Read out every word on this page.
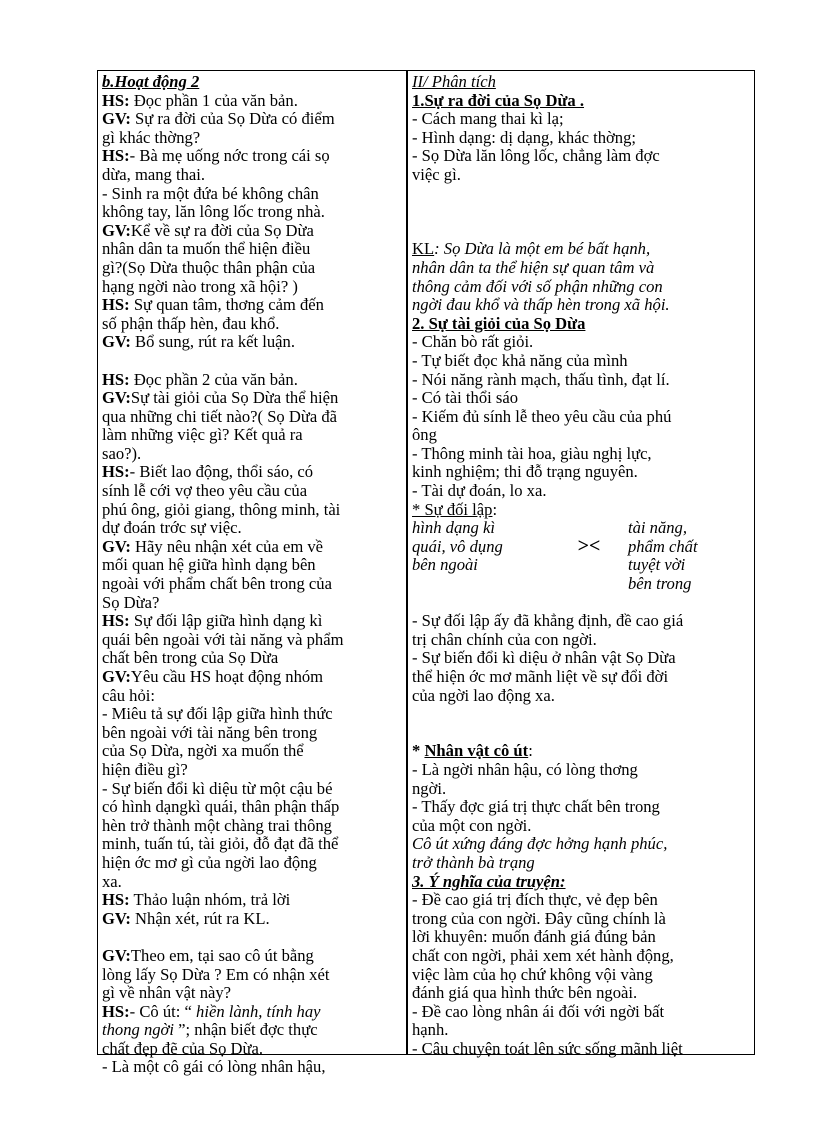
b.Hoạt động 2
HS: Đọc phần 1 của văn bản.
GV: Sự ra đời của Sọ Dừa có điểm
gì khác thờng?
HS:- Bà mẹ uống nớc trong cái sọ
dừa, mang thai.
- Sinh ra một đứa bé không chân
không tay, lăn lông lốc trong nhà.
GV:Kể về sự ra đời của Sọ Dừa
nhân dân ta muốn thể hiện điều
gì?(Sọ Dừa thuộc thân phận của
hạng ngời nào trong xã hội? )
HS: Sự quan tâm, thơng cảm đến
số phận thấp hèn, đau khổ.
GV: Bổ sung, rút ra kết luận.
HS: Đọc phần 2 của văn bản.
GV:Sự tài giỏi của Sọ Dừa thể hiện
qua những chi tiết nào?( Sọ Dừa đã
làm những việc gì? Kết quả ra
sao?).
HS:- Biết lao động, thổi sáo, có
sính lễ cới vợ theo yêu cầu của
phú ông, giỏi giang, thông minh, tài
dự đoán trớc sự việc.
GV: Hãy nêu nhận xét của em về
mối quan hệ giữa hình dạng bên
ngoài với phẩm chất bên trong của
Sọ Dừa?
HS: Sự đối lập giữa hình dạng kì
quái bên ngoài với tài năng và phẩm
chất bên trong của Sọ Dừa
GV:Yêu cầu HS hoạt động nhóm
câu hỏi:
- Miêu tả sự đối lập giữa hình thức
bên ngoài với tài năng bên trong
của Sọ Dừa, ngời xa muốn thể
hiện điều gì?
- Sự biến đổi kì diệu từ một cậu bé
có hình dạngkì quái, thân phận thấp
hèn trở thành một chàng trai thông
minh, tuấn tú, tài giỏi, đỗ đạt đã thể
hiện ớc mơ gì của ngời lao động
xa.
HS: Thảo luận nhóm, trả lời
GV: Nhận xét, rút ra KL.
GV:Theo em, tại sao cô út bằng
lòng lấy Sọ Dừa ? Em có nhận xét
gì về nhân vật này?
HS:- Cô út: “ hiền lành, tính hay
thong ngời ”; nhận biết đợc thực
chất đẹp đẽ của Sọ Dừa.
- Là một cô gái có lòng nhân hậu,
II/ Phân tích
1.Sự ra đời của Sọ Dừa .
- Cách mang thai kì lạ;
- Hình dạng: dị dạng, khác thờng;
- Sọ Dừa lăn lông lốc, chẳng làm đợc
việc gì.
KL: Sọ Dừa là một em bé bất hạnh,
nhân dân ta thể hiện sự quan tâm và
thông cảm đối với số phận những con
ngời đau khổ và thấp hèn trong xã hội.
2. Sự tài giỏi của Sọ Dừa
- Chăn bò rất giỏi.
- Tự biết đọc khả năng của mình
- Nói năng rành mạch, thấu tình, đạt lí.
- Có tài thổi sáo
- Kiếm đủ sính lễ theo yêu cầu của phú
ông
- Thông minh tài hoa, giàu nghị lực,
kinh nghiệm; thi đỗ trạng nguyên.
- Tài dự đoán, lo xa.
* Sự đối lập:
hình dạng kì
quái, vô dụng
bên ngoài
><
tài năng,
phẩm chất
tuyệt vời
bên trong
- Sự đối lập ấy đã khẳng định, đề cao giá
trị chân chính của con ngời.
- Sự biến đổi kì diệu ở nhân vật Sọ Dừa
thể hiện ớc mơ mãnh liệt về sự đổi đời
của ngời lao động xa.
* Nhân vật cô út:
- Là ngời nhân hậu, có lòng thơng
ngời.
- Thấy đợc giá trị thực chất bên trong
của một con ngời.
Cô út xứng đáng đợc hởng hạnh phúc,
trở thành bà trạng
3. Ý nghĩa của truyện:
- Đề cao giá trị đích thực, vẻ đẹp bên
trong của con ngời. Đây cũng chính là
lời khuyên: muốn đánh giá đúng bản
chất con ngời, phải xem xét hành động,
việc làm của họ chứ không vội vàng
đánh giá qua hình thức bên ngoài.
- Đề cao lòng nhân ái đối với ngời bất
hạnh.
- Câu chuyện toát lên sức sống mãnh liệt
